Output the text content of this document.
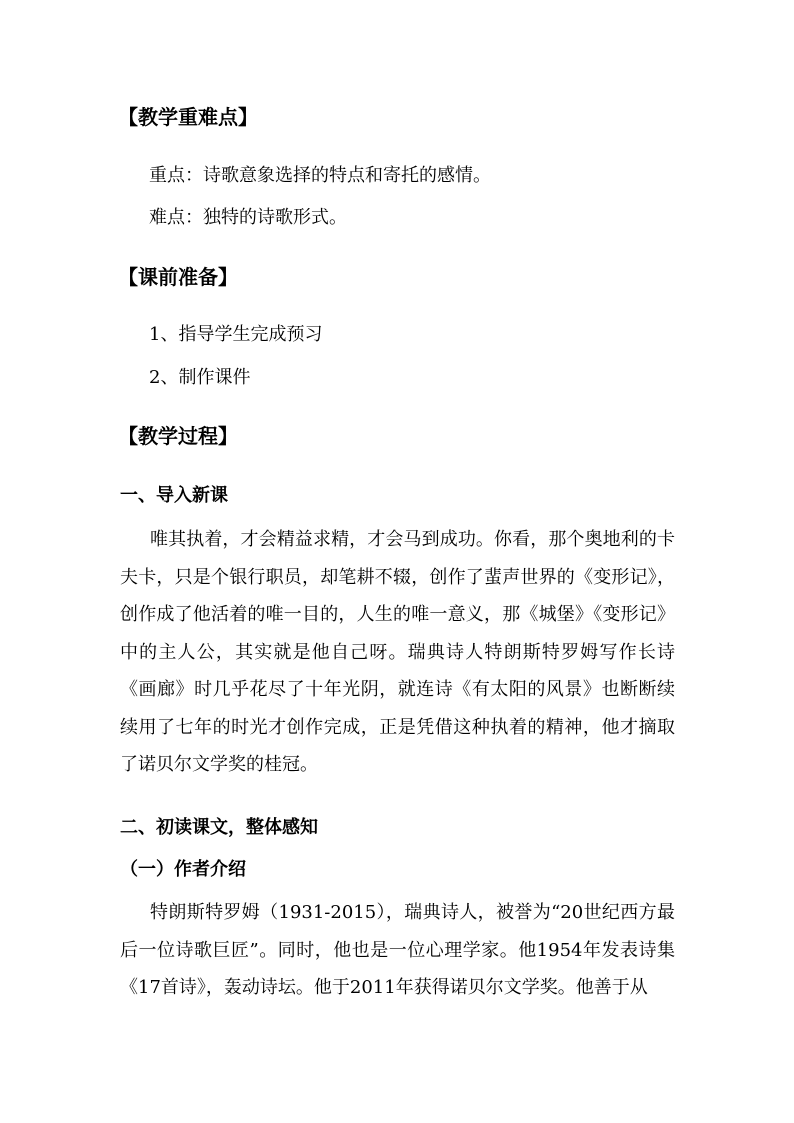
【教学重难点】
重点：诗歌意象选择的特点和寄托的感情。
难点：独特的诗歌形式。
【课前准备】
1、指导学生完成预习
2、制作课件
【教学过程】
一、导入新课

唯其执着，才会精益求精，才会马到成功。你看，那个奥地利的卡夫卡，只是个银行职员，却笔耕不辍，创作了蜚声世界的《变形记》，创作成了他活着的唯一目的，人生的唯一意义，那《城堡》《变形记》中的主人公，其实就是他自己呀。瑞典诗人特朗斯特罗姆写作长诗《画廊》时几乎花尽了十年光阴，就连诗《有太阳的风景》也断断续续用了七年的时光才创作完成，正是凭借这种执着的精神，他才摘取了诺贝尔文学奖的桂冠。

二、初读课文，整体感知
（一）作者介绍

特朗斯特罗姆（1931-2015），瑞典诗人，被誉为“20世纪西方最后一位诗歌巨匠”。同时，他也是一位心理学家。他1954年发表诗集《17首诗》，轰动诗坛。他于2011年获得诺贝尔文学奖。他善于从
